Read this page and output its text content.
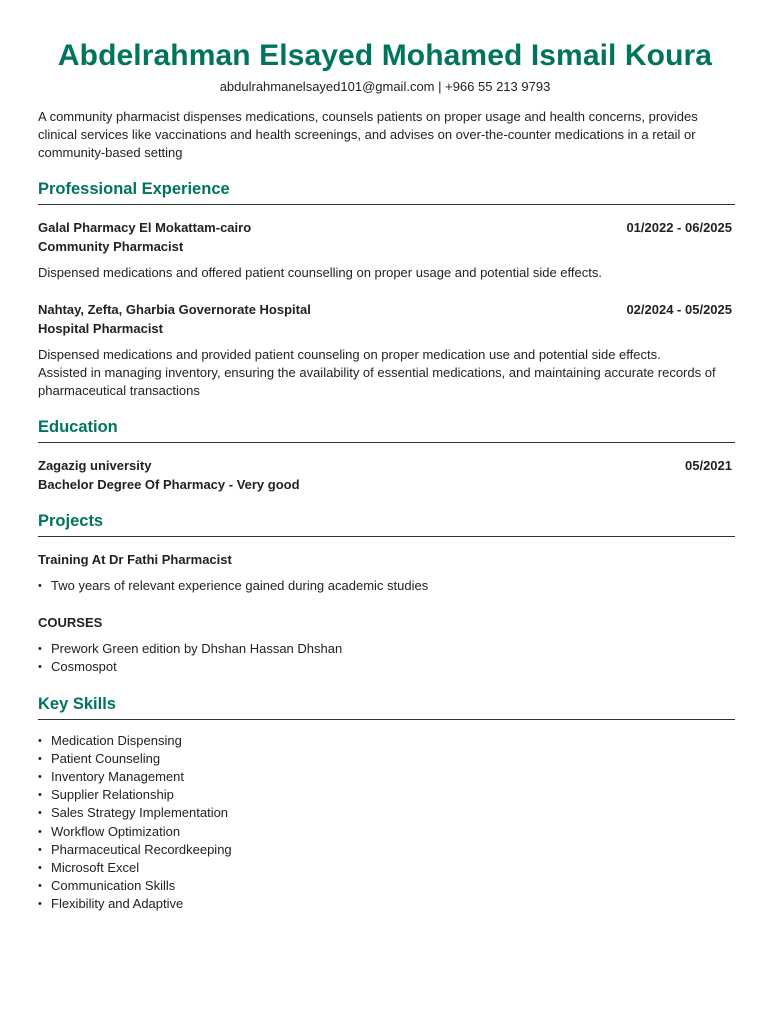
Abdelrahman Elsayed Mohamed Ismail Koura
abdulrahmanelsayed101@gmail.com | +966 55 213 9793
A community pharmacist dispenses medications, counsels patients on proper usage and health concerns, provides clinical services like vaccinations and health screenings, and advises on over-the-counter medications in a retail or community-based setting
Professional Experience
Galal Pharmacy El Mokattam-cairo	01/2022 - 06/2025
Community Pharmacist

Dispensed medications and offered patient counselling on proper usage and potential side effects.

Nahtay, Zefta, Gharbia Governorate Hospital	02/2024 - 05/2025
Hospital Pharmacist

Dispensed medications and provided patient counseling on proper medication use and potential side effects.

Assisted in managing inventory, ensuring the availability of essential medications, and maintaining accurate records of pharmaceutical transactions

Education
Zagazig university	05/2021
Bachelor Degree Of Pharmacy - Very good
Projects
Training At Dr Fathi Pharmacist
• Two years of relevant experience gained during academic studies
COURSES
• Prework Green edition by Dhshan Hassan Dhshan
• Cosmospot
Key Skills
• Medication Dispensing
• Patient Counseling
• Inventory Management
• Supplier Relationship
• Sales Strategy Implementation
• Workflow Optimization
• Pharmaceutical Recordkeeping
• Microsoft Excel
• Communication Skills
• Flexibility and Adaptive
